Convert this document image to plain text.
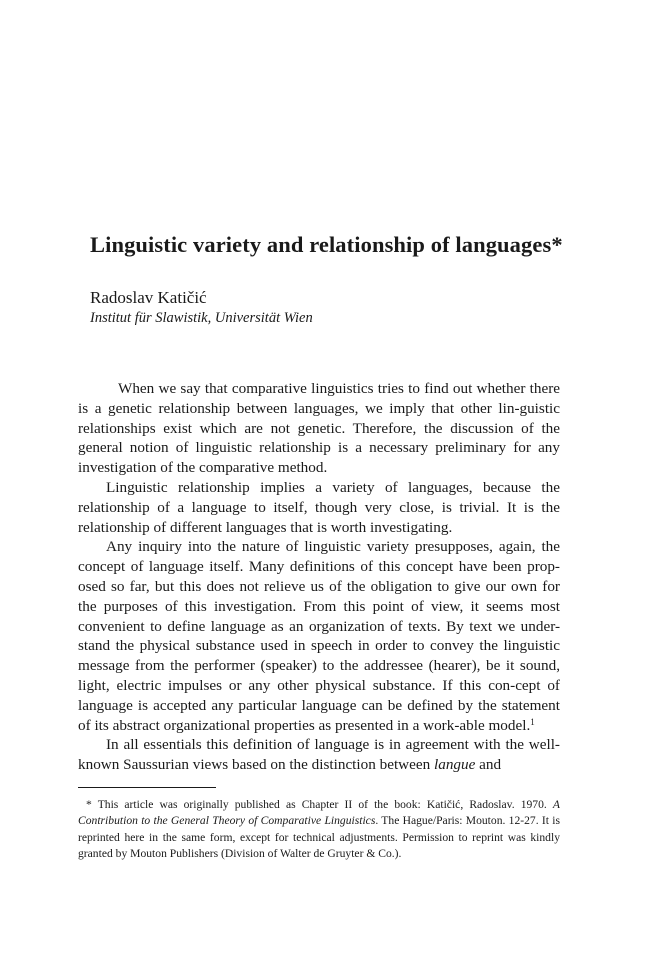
Linguistic variety and relationship of languages*
Radoslav Katičić
Institut für Slawistik, Universität Wien

When we say that comparative linguistics tries to find out whether there is a genetic relationship between languages, we imply that other lin-guistic relationships exist which are not genetic. Therefore, the discussion of the general notion of linguistic relationship is a necessary preliminary for any investigation of the comparative method.

Linguistic relationship implies a variety of languages, because the relationship of a language to itself, though very close, is trivial. It is the relationship of different languages that is worth investigating.

Any inquiry into the nature of linguistic variety presupposes, again, the concept of language itself. Many definitions of this concept have been prop-osed so far, but this does not relieve us of the obligation to give our own for the purposes of this investigation. From this point of view, it seems most convenient to define language as an organization of texts. By text we under-stand the physical substance used in speech in order to convey the linguistic message from the performer (speaker) to the addressee (hearer), be it sound, light, electric impulses or any other physical substance. If this con-cept of language is accepted any particular language can be defined by the statement of its abstract organizational properties as presented in a work-able model.$^1$

In all essentials this definition of language is in agreement with the well-known Saussurian views based on the distinction between langue and

* This article was originally published as Chapter II of the book: Katičić, Radoslav. 1970. A Contribution to the General Theory of Comparative Linguistics. The Hague/Paris: Mouton. 12-27. It is reprinted here in the same form, except for technical adjustments. Permission to reprint was kindly granted by Mouton Publishers (Division of Walter de Gruyter & Co.).
